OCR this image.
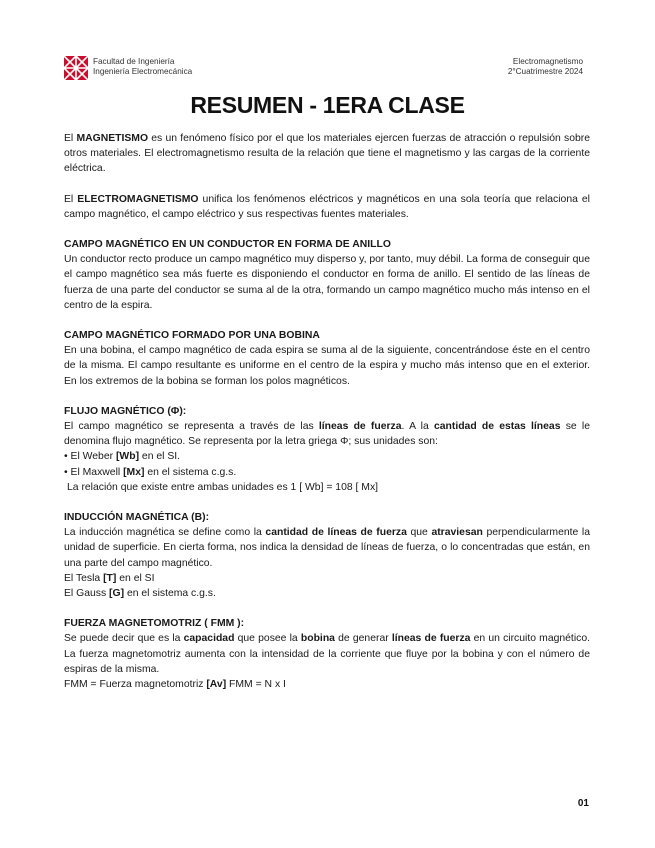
Facultad de Ingeniería
Ingeniería Electromecánica
Electromagnetismo
2°Cuatrimestre 2024
RESUMEN - 1ERA CLASE

El MAGNETISMO es un fenómeno físico por el que los materiales ejercen fuerzas de atracción o repulsión sobre otros materiales. El electromagnetismo resulta de la relación que tiene el magnetismo y las cargas de la corriente eléctrica.

El ELECTROMAGNETISMO unifica los fenómenos eléctricos y magnéticos en una sola teoría que relaciona el campo magnético, el campo eléctrico y sus respectivas fuentes materiales.

CAMPO MAGNÉTICO EN UN CONDUCTOR EN FORMA DE ANILLO

Un conductor recto produce un campo magnético muy disperso y, por tanto, muy débil. La forma de conseguir que el campo magnético sea más fuerte es disponiendo el conductor en forma de anillo. El sentido de las líneas de fuerza de una parte del conductor se suma al de la otra, formando un campo magnético mucho más intenso en el centro de la espira.

CAMPO MAGNÉTICO FORMADO POR UNA BOBINA

En una bobina, el campo magnético de cada espira se suma al de la siguiente, concentrándose éste en el centro de la misma. El campo resultante es uniforme en el centro de la espira y mucho más intenso que en el exterior. En los extremos de la bobina se forman los polos magnéticos.

FLUJO MAGNÉTICO (Φ):

El campo magnético se representa a través de las líneas de fuerza. A la cantidad de estas líneas se le denomina flujo magnético. Se representa por la letra griega Φ; sus unidades son:

• El Weber [Wb] en el SI.

• El Maxwell [Mx] en el sistema c.g.s.

La relación que existe entre ambas unidades es 1 [ Wb] = 108 [ Mx]

INDUCCIÓN MAGNÉTICA (B):

La inducción magnética se define como la cantidad de líneas de fuerza que atraviesan perpendicularmente la unidad de superficie. En cierta forma, nos indica la densidad de líneas de fuerza, o lo concentradas que están, en una parte del campo magnético.

El Tesla [T] en el SI

El Gauss [G] en el sistema c.g.s.

FUERZA MAGNETOMOTRIZ ( FMM ):

Se puede decir que es la capacidad que posee la bobina de generar líneas de fuerza en un circuito magnético. La fuerza magnetomotriz aumenta con la intensidad de la corriente que fluye por la bobina y con el número de espiras de la misma.

FMM = Fuerza magnetomotriz [Av] FMM = N x I

01
